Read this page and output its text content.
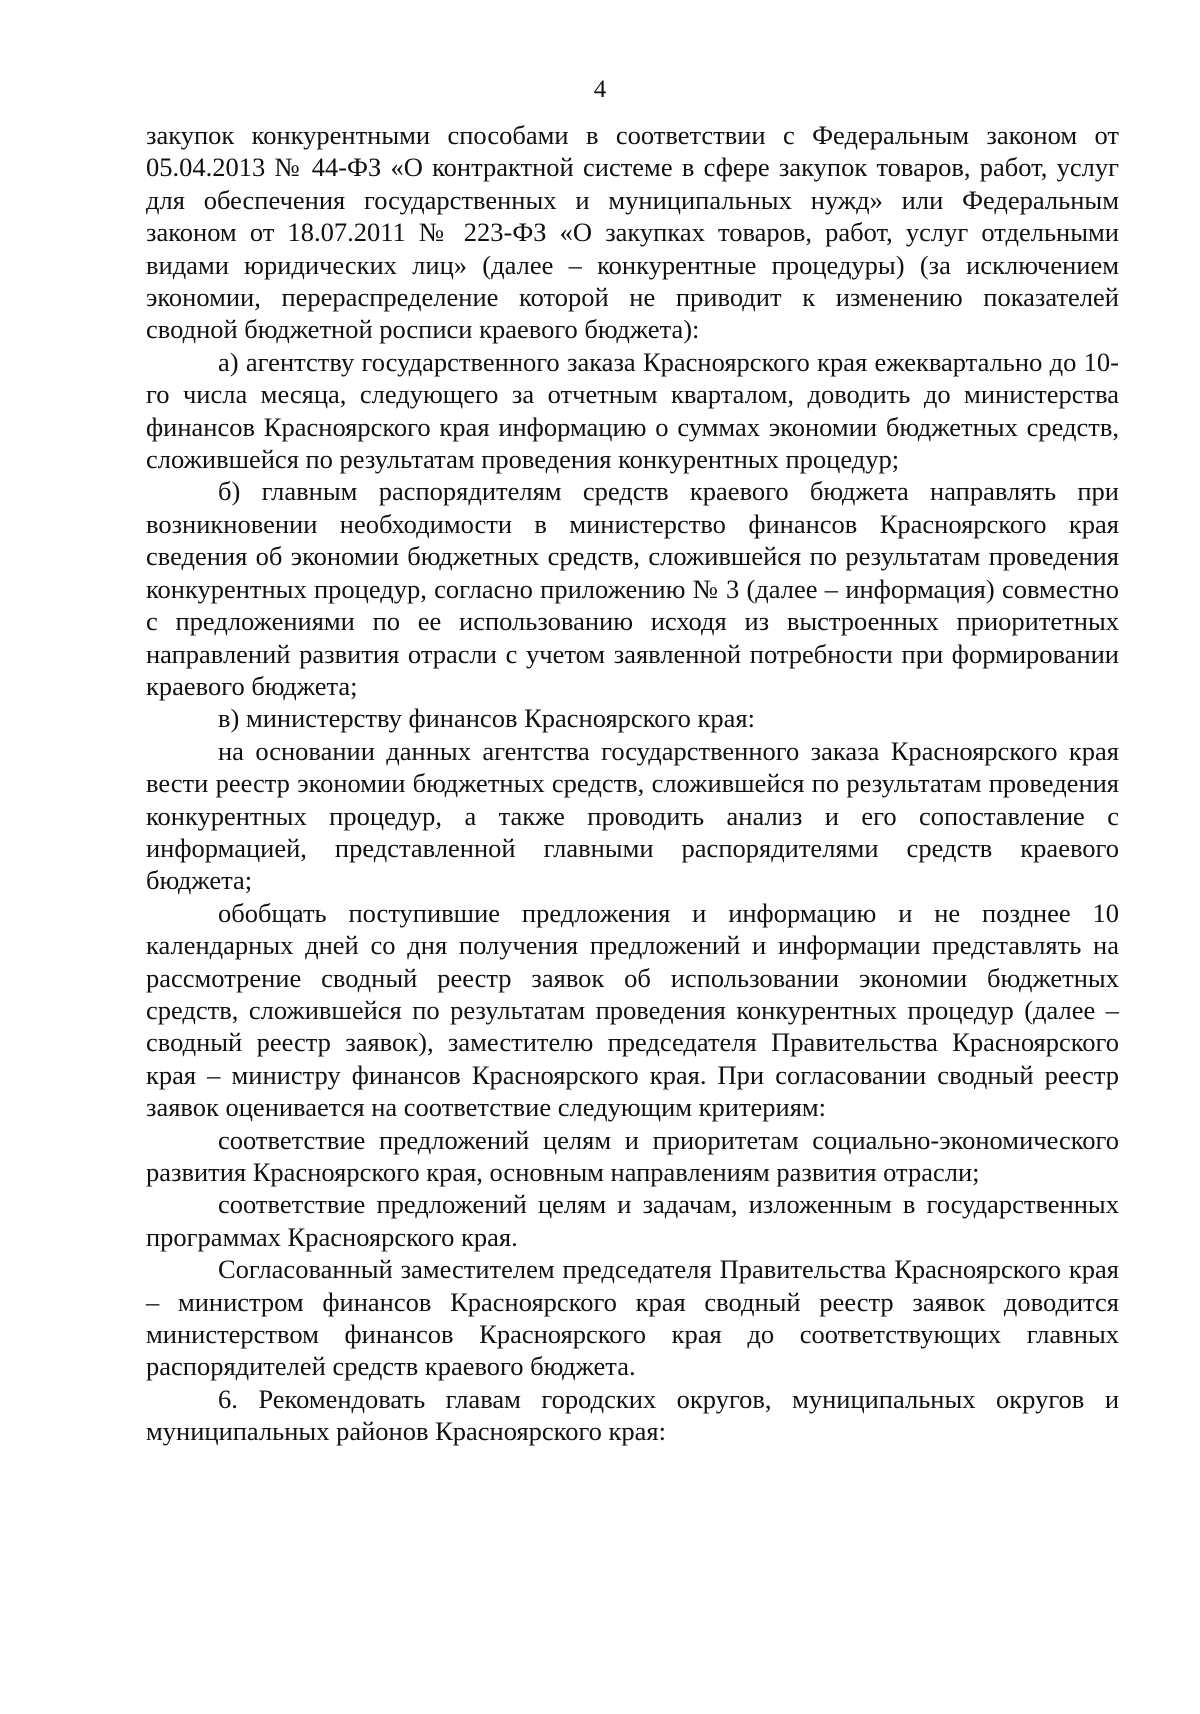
4

закупок конкурентными способами в соответствии с Федеральным законом от 05.04.2013 № 44-ФЗ «О контрактной системе в сфере закупок товаров, работ, услуг для обеспечения государственных и муниципальных нужд» или Федеральным законом от 18.07.2011 № 223-ФЗ «О закупках товаров, работ, услуг отдельными видами юридических лиц» (далее – конкурентные процедуры) (за исключением экономии, перераспределение которой не приводит к изменению показателей сводной бюджетной росписи краевого бюджета):

а) агентству государственного заказа Красноярского края ежеквартально до 10-го числа месяца, следующего за отчетным кварталом, доводить до министерства финансов Красноярского края информацию о суммах экономии бюджетных средств, сложившейся по результатам проведения конкурентных процедур;

б) главным распорядителям средств краевого бюджета направлять при возникновении необходимости в министерство финансов Красноярского края сведения об экономии бюджетных средств, сложившейся по результатам проведения конкурентных процедур, согласно приложению № 3 (далее – информация) совместно с предложениями по ее использованию исходя из выстроенных приоритетных направлений развития отрасли с учетом заявленной потребности при формировании краевого бюджета;

в) министерству финансов Красноярского края:

на основании данных агентства государственного заказа Красноярского края вести реестр экономии бюджетных средств, сложившейся по результатам проведения конкурентных процедур, а также проводить анализ и его сопоставление с информацией, представленной главными распорядителями средств краевого бюджета;

обобщать поступившие предложения и информацию и не позднее 10 календарных дней со дня получения предложений и информации представлять на рассмотрение сводный реестр заявок об использовании экономии бюджетных средств, сложившейся по результатам проведения конкурентных процедур (далее – сводный реестр заявок), заместителю председателя Правительства Красноярского края – министру финансов Красноярского края. При согласовании сводный реестр заявок оценивается на соответствие следующим критериям:

соответствие предложений целям и приоритетам социально-экономического развития Красноярского края, основным направлениям развития отрасли;

соответствие предложений целям и задачам, изложенным в государственных программах Красноярского края.

Согласованный заместителем председателя Правительства Красноярского края – министром финансов Красноярского края сводный реестр заявок доводится министерством финансов Красноярского края до соответствующих главных распорядителей средств краевого бюджета.

6. Рекомендовать главам городских округов, муниципальных округов и муниципальных районов Красноярского края:
